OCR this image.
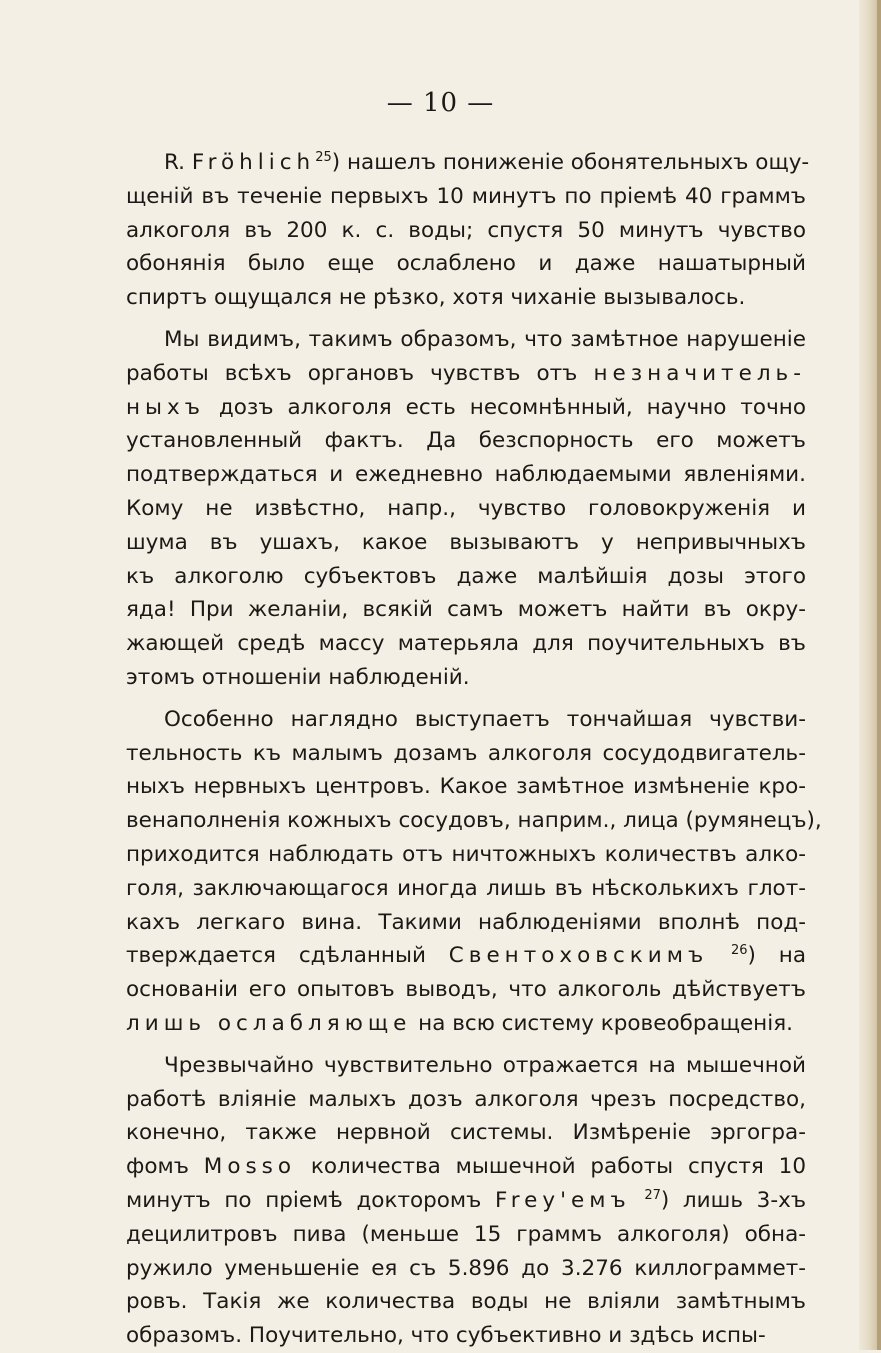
— 10 —
R. Fröhlich$^{25}$) нашелъ пониженіе обонятельныхъ ощу-
щеній въ теченіе первыхъ 10 минутъ по пріемѣ 40 граммъ
алкоголя въ 200 к. с. воды; спустя 50 минутъ чувство
обонянія было еще ослаблено и даже нашатырный
спиртъ ощущался не рѣзко, хотя чиханіе вызывалось.
Мы видимъ, такимъ образомъ, что замѣтное нарушеніе
работы всѣхъ органовъ чувствъ отъ незначитель-
ныхъ дозъ алкоголя есть несомнѣнный, научно точно
установленный фактъ. Да безспорность его можетъ
подтверждаться и ежедневно наблюдаемыми явленіями.
Кому не извѣстно, напр., чувство головокруженія и
шума въ ушахъ, какое вызываютъ у непривычныхъ
къ алкоголю субъектовъ даже малѣйшія дозы этого
яда! При желаніи, всякій самъ можетъ найти въ окру-
жающей средѣ массу матерьяла для поучительныхъ въ
этомъ отношеніи наблюденій.
Особенно наглядно выступаетъ тончайшая чувстви-
тельность къ малымъ дозамъ алкоголя сосудодвигатель-
ныхъ нервныхъ центровъ. Какое замѣтное измѣненіе кро-
венаполненія кожныхъ сосудовъ, наприм., лица (румянецъ),
приходится наблюдать отъ ничтожныхъ количествъ алко-
голя, заключающагося иногда лишь въ нѣсколькихъ глот-
кахъ легкаго вина. Такими наблюденіями вполнѣ под-
тверждается сдѣланный Свентоховскимъ $^{26}$) на
основаніи его опытовъ выводъ, что алкоголь дѣйствуетъ
лишь ослабляюще на всю систему кровеобращенія.
Чрезвычайно чувствительно отражается на мышечной
работѣ вліяніе малыхъ дозъ алкоголя чрезъ посредство,
конечно, также нервной системы. Измѣреніе эргогра-
фомъ Mosso количества мышечной работы спустя 10
минутъ по пріемѣ докторомъ Frey'емъ $^{27}$) лишь 3-хъ
децилитровъ пива (меньше 15 граммъ алкоголя) обна-
ружило уменьшеніе ея съ 5.896 до 3.276 киллограммет-
ровъ. Такія же количества воды не вліяли замѣтнымъ
образомъ. Поучительно, что субъективно и здѣсь испы-
